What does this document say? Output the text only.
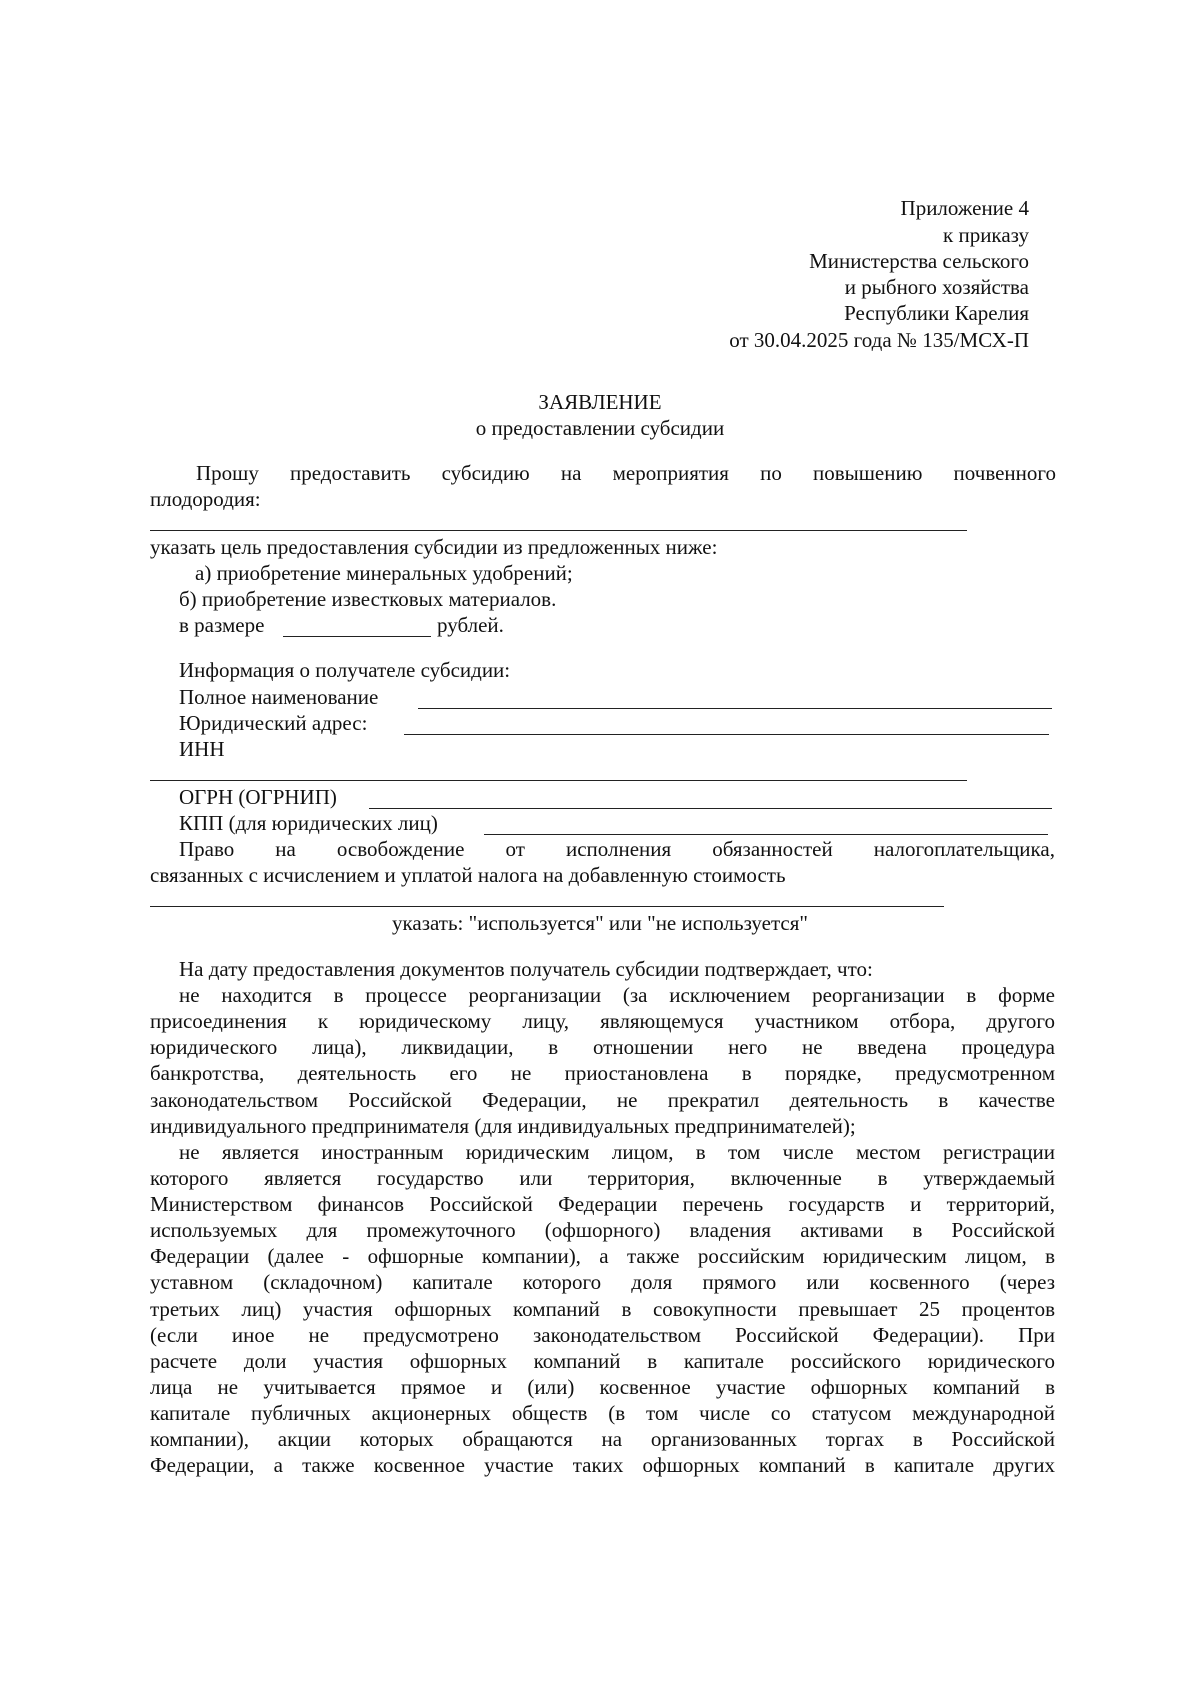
Приложение 4
к приказу
Министерства сельского
и рыбного хозяйства
Республики Карелия
от 30.04.2025 года № 135/МСХ-П
ЗАЯВЛЕНИЕ
о предоставлении субсидии
Прошу предоставить субсидию на мероприятия по повышению почвенного
плодородия:
указать цель предоставления субсидии из предложенных ниже:
а) приобретение минеральных удобрений;
б) приобретение известковых материалов.
в размере	рублей.
Информация о получателе субсидии:
Полное наименование
Юридический адрес:
ИНН
ОГРН (ОГРНИП)
КПП (для юридических лиц)
Право на освобождение от исполнения обязанностей налогоплательщика,
связанных с исчислением и уплатой налога на добавленную стоимость
указать: "используется" или "не используется"
На дату предоставления документов получатель субсидии подтверждает, что:
не находится в процессе реорганизации (за исключением реорганизации в форме
присоединения к юридическому лицу, являющемуся участником отбора, другого
юридического лица), ликвидации, в отношении него не введена процедура
банкротства, деятельность его не приостановлена в порядке, предусмотренном
законодательством Российской Федерации, не прекратил деятельность в качестве
индивидуального предпринимателя (для индивидуальных предпринимателей);
не является иностранным юридическим лицом, в том числе местом регистрации
которого является государство или территория, включенные в утверждаемый
Министерством финансов Российской Федерации перечень государств и территорий,
используемых для промежуточного (офшорного) владения активами в Российской
Федерации (далее - офшорные компании), а также российским юридическим лицом, в
уставном (складочном) капитале которого доля прямого или косвенного (через
третьих лиц) участия офшорных компаний в совокупности превышает 25 процентов
(если иное не предусмотрено законодательством Российской Федерации). При
расчете доли участия офшорных компаний в капитале российского юридического
лица не учитывается прямое и (или) косвенное участие офшорных компаний в
капитале публичных акционерных обществ (в том числе со статусом международной
компании), акции которых обращаются на организованных торгах в Российской
Федерации, а также косвенное участие таких офшорных компаний в капитале других
